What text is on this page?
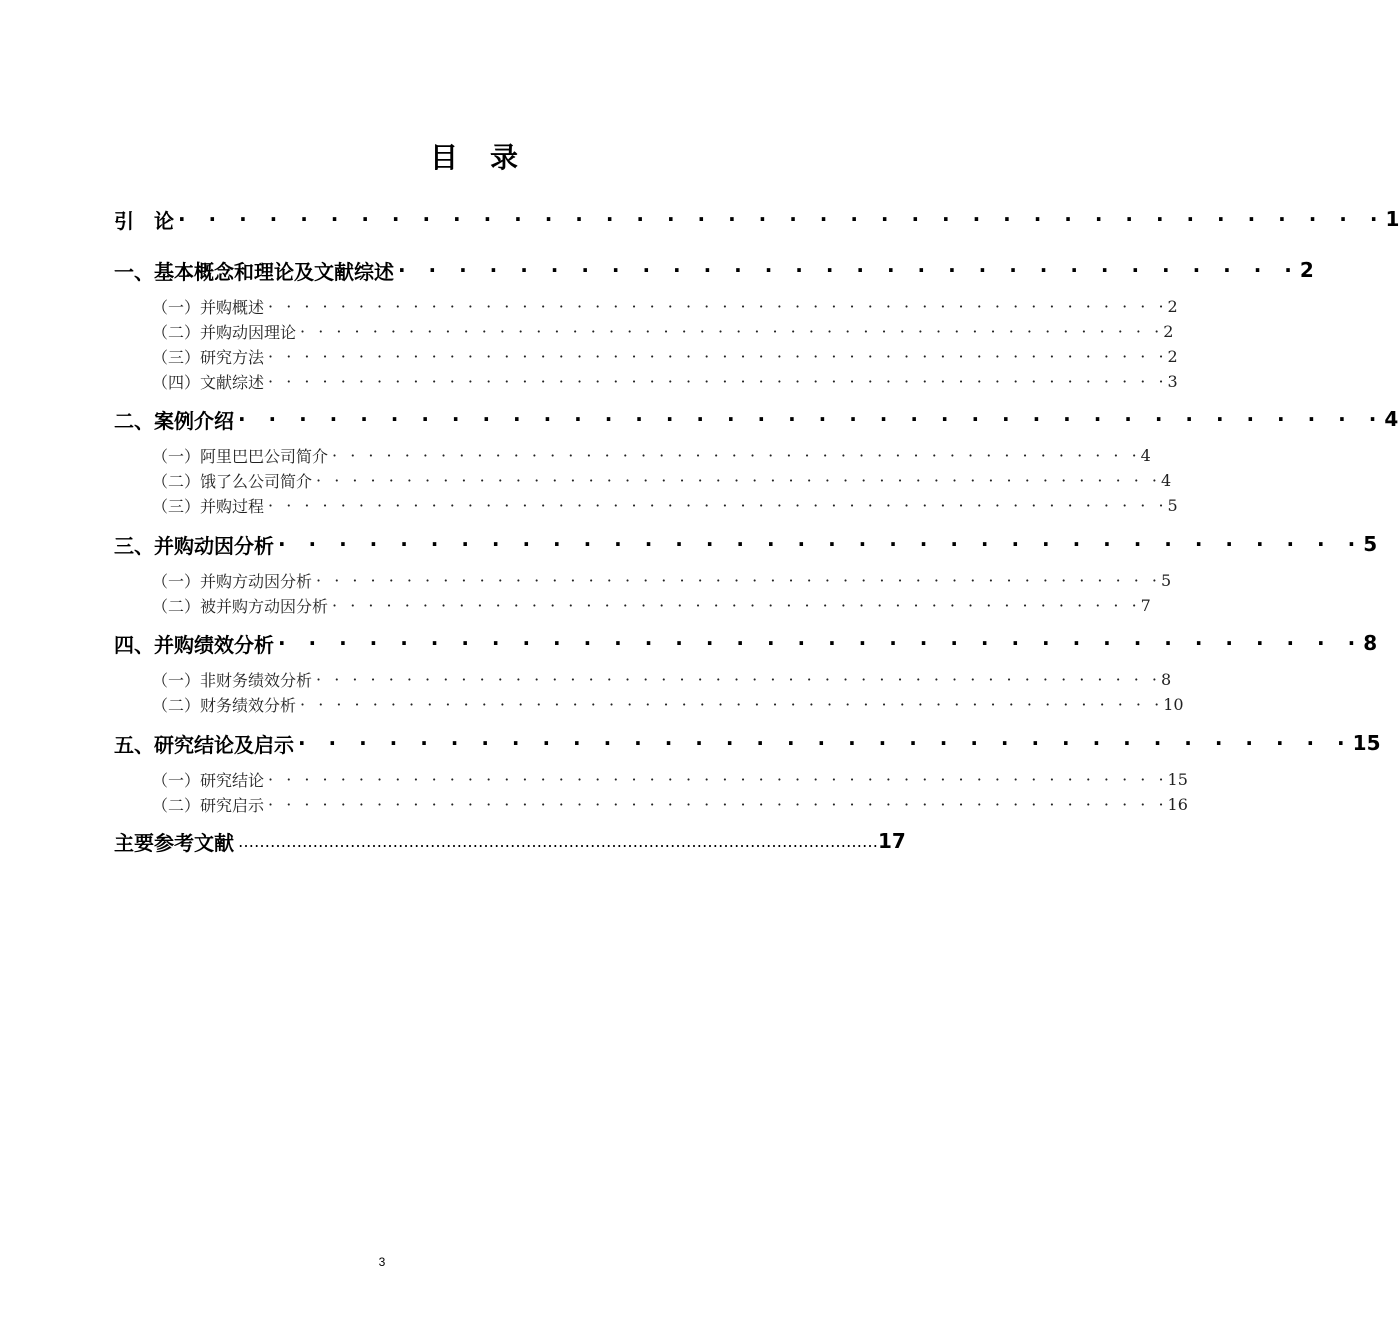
目　录
引　论 · · · · · · · · · · · · · · · · · · · · · · · · · · · · · · · · · · · · · · · · 1
一、基本概念和理论及文献综述 · · · · · · · · · · · · · · · · · · · · · · · · · · · · · · 2
（一）并购概述 · · · · · · · · · · · · · · · · · · · · · · · · · · · · · · · · · · · · · · · · · · · · · · · · · · 2
（二）并购动因理论 · · · · · · · · · · · · · · · · · · · · · · · · · · · · · · · · · · · · · · · · · · · · · · · · 2
（三）研究方法 · · · · · · · · · · · · · · · · · · · · · · · · · · · · · · · · · · · · · · · · · · · · · · · · · · 2
（四）文献综述 · · · · · · · · · · · · · · · · · · · · · · · · · · · · · · · · · · · · · · · · · · · · · · · · · · 3
二、案例介绍 · · · · · · · · · · · · · · · · · · · · · · · · · · · · · · · · · · · · · · 4
（一）阿里巴巴公司简介 · · · · · · · · · · · · · · · · · · · · · · · · · · · · · · · · · · · · · · · · · · · · · 4
（二）饿了么公司简介 · · · · · · · · · · · · · · · · · · · · · · · · · · · · · · · · · · · · · · · · · · · · · · · 4
（三）并购过程 · · · · · · · · · · · · · · · · · · · · · · · · · · · · · · · · · · · · · · · · · · · · · · · · · · 5
三、并购动因分析 · · · · · · · · · · · · · · · · · · · · · · · · · · · · · · · · · · · · 5
（一）并购方动因分析 · · · · · · · · · · · · · · · · · · · · · · · · · · · · · · · · · · · · · · · · · · · · · · · 5
（二）被并购方动因分析 · · · · · · · · · · · · · · · · · · · · · · · · · · · · · · · · · · · · · · · · · · · · · 7
四、并购绩效分析 · · · · · · · · · · · · · · · · · · · · · · · · · · · · · · · · · · · · 8
（一）非财务绩效分析 · · · · · · · · · · · · · · · · · · · · · · · · · · · · · · · · · · · · · · · · · · · · · · · 8
（二）财务绩效分析 · · · · · · · · · · · · · · · · · · · · · · · · · · · · · · · · · · · · · · · · · · · · · · · · 10
五、研究结论及启示 · · · · · · · · · · · · · · · · · · · · · · · · · · · · · · · · · · · 15
（一）研究结论 · · · · · · · · · · · · · · · · · · · · · · · · · · · · · · · · · · · · · · · · · · · · · · · · · · 15
（二）研究启示 · · · · · · · · · · · · · · · · · · · · · · · · · · · · · · · · · · · · · · · · · · · · · · · · · · 16
主要参考文献 ………………………………………………………………………………………………………… 17
3
